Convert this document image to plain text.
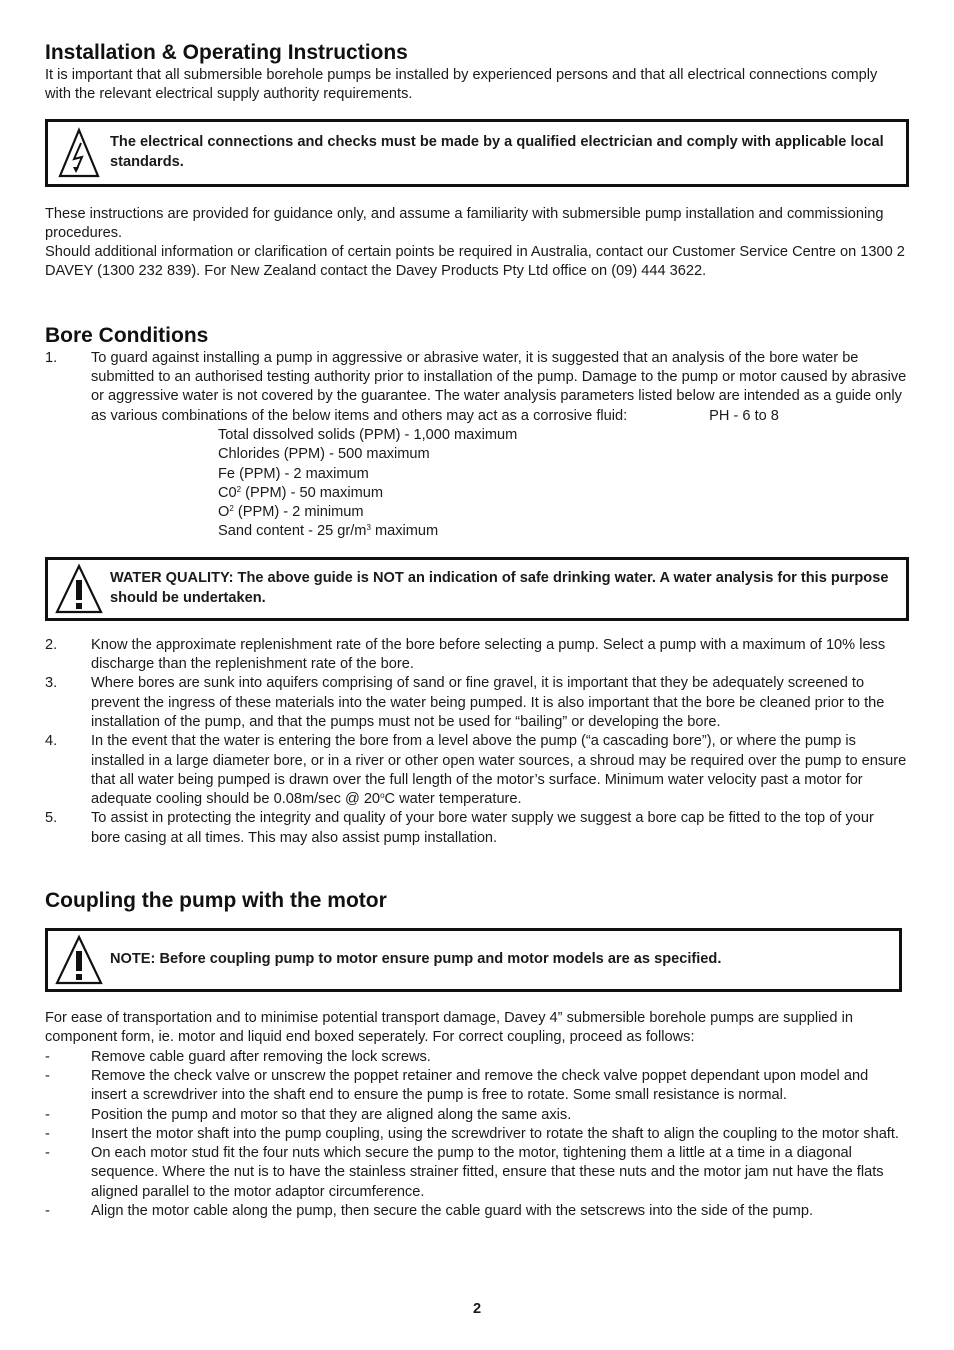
Installation & Operating Instructions

It is important that all submersible borehole pumps be installed by experienced persons and that all electrical connections comply with the relevant electrical supply authority requirements.

The electrical connections and checks must be made by a qualified electrician and comply with applicable local standards.

These instructions are provided for guidance only, and assume a familiarity with submersible pump installation and commissioning procedures.

Should additional information or clarification of certain points be required in Australia, contact our Customer Service Centre on 1300 2 DAVEY (1300 232 839). For New Zealand contact the Davey Products Pty Ltd office on (09) 444 3622.

Bore Conditions
1.	To guard against installing a pump in aggressive or abrasive water, it is suggested that an analysis of the bore water be submitted to an authorised testing authority prior to installation of the pump. Damage to the pump or motor caused by abrasive or aggressive water is not covered by the guarantee. The water analysis parameters listed below are intended as a guide only as various combinations of the below items and others may act as a corrosive fluid:	PH - 6 to 8
Total dissolved solids (PPM) - 1,000 maximum
Chlorides (PPM) - 500 maximum
Fe (PPM) - 2 maximum
$C0^2$ (PPM) - 50 maximum
$O^2$ (PPM) - 2 minimum
Sand content - 25 $gr/m^3$ maximum
WATER QUALITY: The above guide is NOT an indication of safe drinking water. A water analysis for this purpose should be undertaken.
2.	Know the approximate replenishment rate of the bore before selecting a pump. Select a pump with a maximum of 10% less discharge than the replenishment rate of the bore.
3.	Where bores are sunk into aquifers comprising of sand or fine gravel, it is important that they be adequately screened to prevent the ingress of these materials into the water being pumped. It is also important that the bore be cleaned prior to the installation of the pump, and that the pumps must not be used for “bailing” or developing the bore.
4.	In the event that the water is entering the bore from a level above the pump (“a cascading bore”), or where the pump is installed in a large diameter bore, or in a river or other open water sources, a shroud may be required over the pump to ensure that all water being pumped is drawn over the full length of the motor’s surface. Minimum water velocity past a motor for adequate cooling should be 0.08m/sec @ 20$^o$C water temperature.
5.	To assist in protecting the integrity and quality of your bore water supply we suggest a bore cap be fitted to the top of your bore casing at all times. This may also assist pump installation.
Coupling the pump with the motor
NOTE: Before coupling pump to motor ensure pump and motor models are as specified.

For ease of transportation and to minimise potential transport damage, Davey 4” submersible borehole pumps are supplied in component form, ie. motor and liquid end boxed seperately. For correct coupling, proceed as follows:

-	Remove cable guard after removing the lock screws.
-	Remove the check valve or unscrew the poppet retainer and remove the check valve poppet dependant upon model and insert a screwdriver into the shaft end to ensure the pump is free to rotate. Some small resistance is normal.
-	Position the pump and motor so that they are aligned along the same axis.
-	Insert the motor shaft into the pump coupling, using the screwdriver to rotate the shaft to align the coupling to the motor shaft.
-	On each motor stud fit the four nuts which secure the pump to the motor, tightening them a little at a time in a diagonal sequence. Where the nut is to have the stainless strainer fitted, ensure that these nuts and the motor jam nut have the flats aligned parallel to the motor adaptor circumference.
-	Align the motor cable along the pump, then secure the cable guard with the setscrews into the side of the pump.
2
